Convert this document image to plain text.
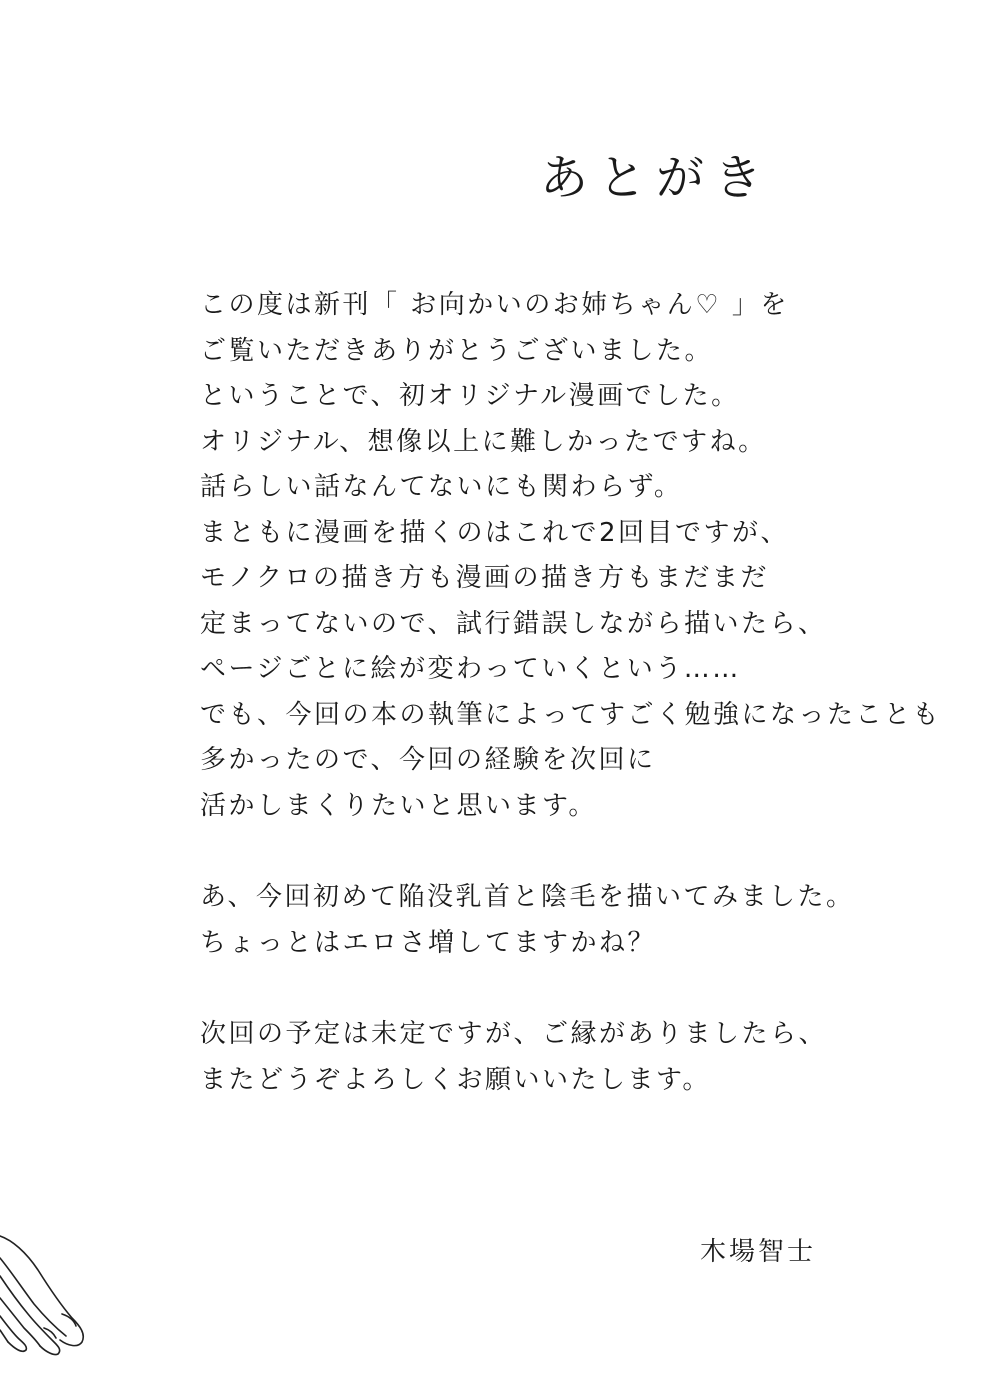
あとがき
この度は新刊「 お向かいのお姉ちゃん♡ 」を
ご覧いただきありがとうございました。
ということで、初オリジナル漫画でした。
オリジナル、想像以上に難しかったですね。
話らしい話なんてないにも関わらず。
まともに漫画を描くのはこれで2回目ですが、
モノクロの描き方も漫画の描き方もまだまだ
定まってないので、試行錯誤しながら描いたら、
ページごとに絵が変わっていくという……
でも、今回の本の執筆によってすごく勉強になったことも
多かったので、今回の経験を次回に
活かしまくりたいと思います。
あ、今回初めて陥没乳首と陰毛を描いてみました。
ちょっとはエロさ増してますかね？
次回の予定は未定ですが、ご縁がありましたら、
またどうぞよろしくお願いいたします。
木場智士
